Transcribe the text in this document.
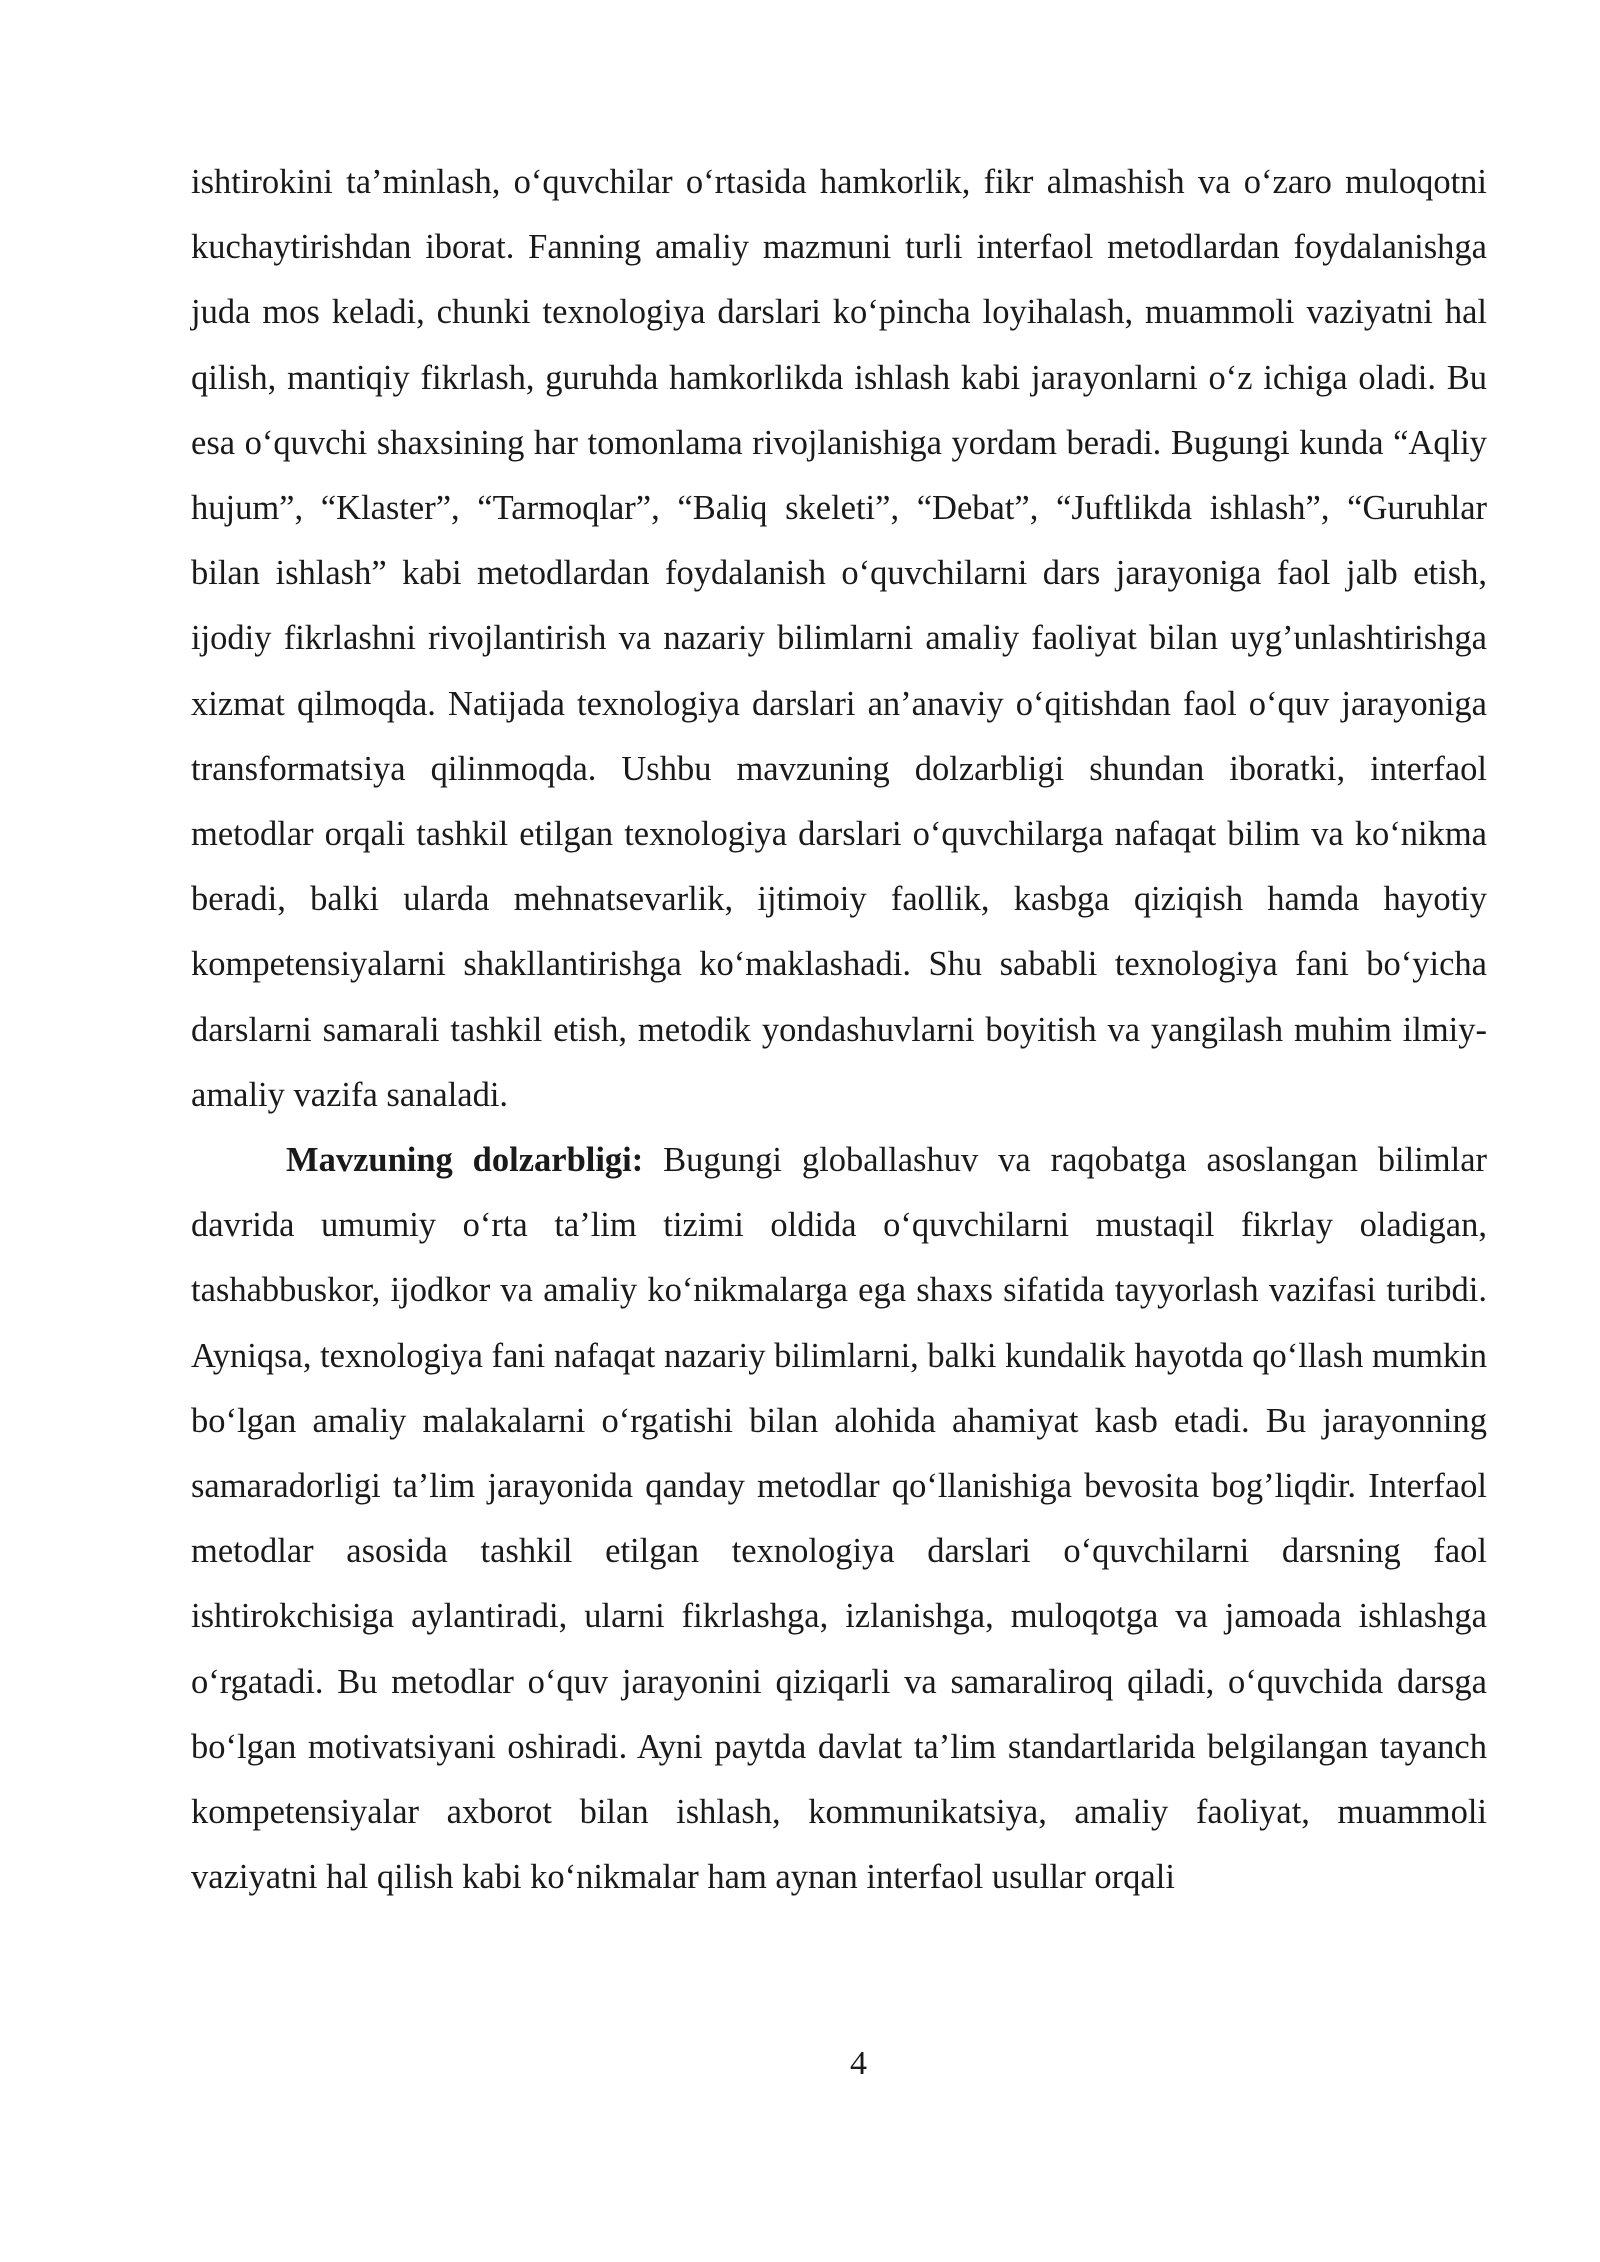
ishtirokini ta’minlash, o‘quvchilar o‘rtasida hamkorlik, fikr almashish va o‘zaro muloqotni kuchaytirishdan iborat. Fanning amaliy mazmuni turli interfaol metodlardan foydalanishga juda mos keladi, chunki texnologiya darslari ko‘pincha loyihalash, muammoli vaziyatni hal qilish, mantiqiy fikrlash, guruhda hamkorlikda ishlash kabi jarayonlarni o‘z ichiga oladi. Bu esa o‘quvchi shaxsining har tomonlama rivojlanishiga yordam beradi. Bugungi kunda “Aqliy hujum”, “Klaster”, “Tarmoqlar”, “Baliq skeleti”, “Debat”, “Juftlikda ishlash”, “Guruhlar bilan ishlash” kabi metodlardan foydalanish o‘quvchilarni dars jarayoniga faol jalb etish, ijodiy fikrlashni rivojlantirish va nazariy bilimlarni amaliy faoliyat bilan uyg’unlashtirishga xizmat qilmoqda. Natijada texnologiya darslari an’anaviy o‘qitishdan faol o‘quv jarayoniga transformatsiya qilinmoqda. Ushbu mavzuning dolzarbligi shundan iboratki, interfaol metodlar orqali tashkil etilgan texnologiya darslari o‘quvchilarga nafaqat bilim va ko‘nikma beradi, balki ularda mehnatsevarlik, ijtimoiy faollik, kasbga qiziqish hamda hayotiy kompetensiyalarni shakllantirishga ko‘maklashadi. Shu sababli texnologiya fani bo‘yicha darslarni samarali tashkil etish, metodik yondashuvlarni boyitish va yangilash muhim ilmiy-amaliy vazifa sanaladi.

Mavzuning dolzarbligi: Bugungi globallashuv va raqobatga asoslangan bilimlar davrida umumiy o‘rta ta’lim tizimi oldida o‘quvchilarni mustaqil fikrlay oladigan, tashabbuskor, ijodkor va amaliy ko‘nikmalarga ega shaxs sifatida tayyorlash vazifasi turibdi. Ayniqsa, texnologiya fani nafaqat nazariy bilimlarni, balki kundalik hayotda qo‘llash mumkin bo‘lgan amaliy malakalarni o‘rgatishi bilan alohida ahamiyat kasb etadi. Bu jarayonning samaradorligi ta’lim jarayonida qanday metodlar qo‘llanishiga bevosita bog’liqdir. Interfaol metodlar asosida tashkil etilgan texnologiya darslari o‘quvchilarni darsning faol ishtirokchisiga aylantiradi, ularni fikrlashga, izlanishga, muloqotga va jamoada ishlashga o‘rgatadi. Bu metodlar o‘quv jarayonini qiziqarli va samaraliroq qiladi, o‘quvchida darsga bo‘lgan motivatsiyani oshiradi. Ayni paytda davlat ta’lim standartlarida belgilangan tayanch kompetensiyalar axborot bilan ishlash, kommunikatsiya, amaliy faoliyat, muammoli vaziyatni hal qilish kabi ko‘nikmalar ham aynan interfaol usullar orqali

4
